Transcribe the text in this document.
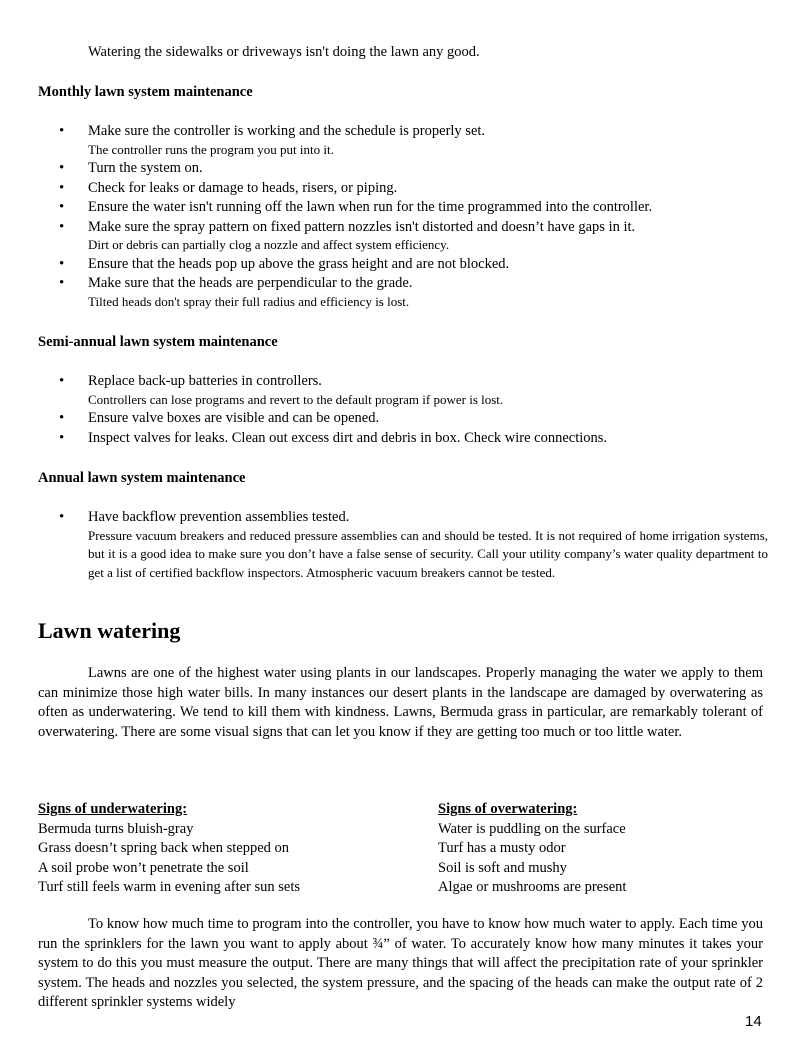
Watering the sidewalks or driveways isn't doing the lawn any good.
Monthly lawn system maintenance
• Make sure the controller is working and the schedule is properly set.
The controller runs the program you put into it.
• Turn the system on.
• Check for leaks or damage to heads, risers, or piping.
• Ensure the water isn't running off the lawn when run for the time programmed into the controller.
• Make sure the spray pattern on fixed pattern nozzles isn't distorted and doesn’t have gaps in it.
Dirt or debris can partially clog a nozzle and affect system efficiency.
• Ensure that the heads pop up above the grass height and are not blocked.
• Make sure that the heads are perpendicular to the grade.
Tilted heads don't spray their full radius and efficiency is lost.
Semi-annual lawn system maintenance
• Replace back-up batteries in controllers.
Controllers can lose programs and revert to the default program if power is lost.
• Ensure valve boxes are visible and can be opened.
• Inspect valves for leaks. Clean out excess dirt and debris in box. Check wire connections.
Annual lawn system maintenance
• Have backflow prevention assemblies tested.
Pressure vacuum breakers and reduced pressure assemblies can and should be tested. It is not required of home irrigation systems, but it is a good idea to make sure you don’t have a false sense of security. Call your utility company’s water quality department to get a list of certified backflow inspectors. Atmospheric vacuum breakers cannot be tested.
Lawn watering

Lawns are one of the highest water using plants in our landscapes. Properly managing the water we apply to them can minimize those high water bills. In many instances our desert plants in the landscape are damaged by overwatering as often as underwatering. We tend to kill them with kindness. Lawns, Bermuda grass in particular, are remarkably tolerant of overwatering. There are some visual signs that can let you know if they are getting too much or too little water.

Signs of underwatering:
Bermuda turns bluish-gray
Grass doesn’t spring back when stepped on
A soil probe won’t penetrate the soil
Turf still feels warm in evening after sun sets
Signs of overwatering:
Water is puddling on the surface
Turf has a musty odor
Soil is soft and mushy
Algae or mushrooms are present

To know how much time to program into the controller, you have to know how much water to apply. Each time you run the sprinklers for the lawn you want to apply about ¾” of water. To accurately know how many minutes it takes your system to do this you must measure the output. There are many things that will affect the precipitation rate of your sprinkler system. The heads and nozzles you selected, the system pressure, and the spacing of the heads can make the output rate of 2 different sprinkler systems widely

14
